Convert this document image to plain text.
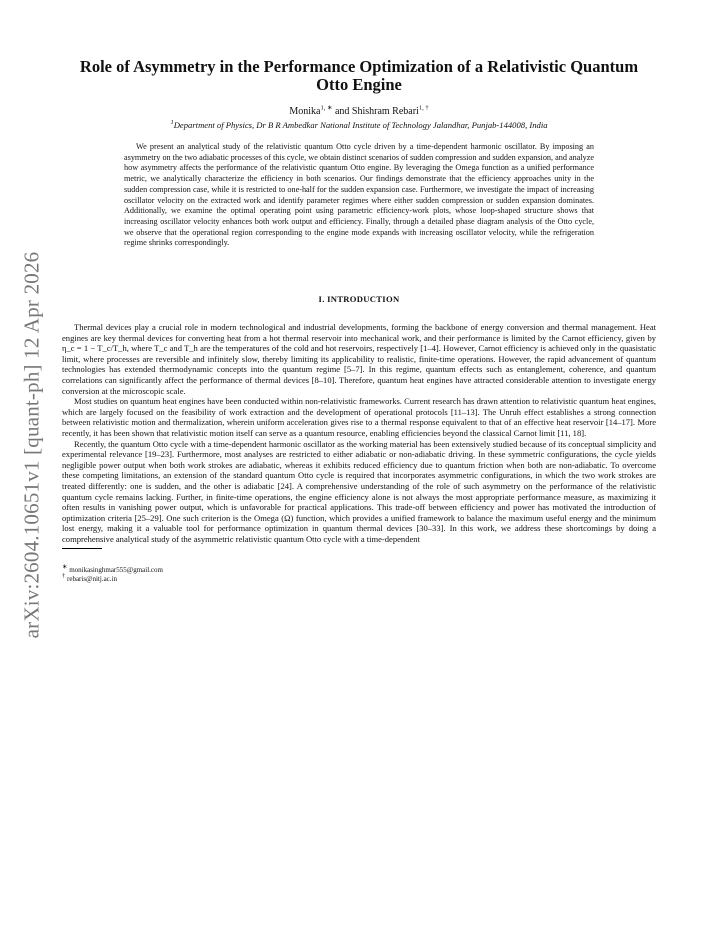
arXiv:2604.10651v1 [quant-ph] 12 Apr 2026
Role of Asymmetry in the Performance Optimization of a Relativistic Quantum Otto Engine
Monika$^{1, ∗}$ and Shishram Rebari$^{1, \dagger}$
$^1$Department of Physics, Dr B R Ambedkar National Institute of Technology Jalandhar, Punjab-144008, India

We present an analytical study of the relativistic quantum Otto cycle driven by a time-dependent harmonic oscillator. By imposing an asymmetry on the two adiabatic processes of this cycle, we obtain distinct scenarios of sudden compression and sudden expansion, and analyze how asymmetry affects the performance of the relativistic quantum Otto engine. By leveraging the Omega function as a unified performance metric, we analytically characterize the efficiency in both scenarios. Our findings demonstrate that the efficiency approaches unity in the sudden compression case, while it is restricted to one-half for the sudden expansion case. Furthermore, we investigate the impact of increasing oscillator velocity on the extracted work and identify parameter regimes where either sudden compression or sudden expansion dominates. Additionally, we examine the optimal operating point using parametric efficiency-work plots, whose loop-shaped structure shows that increasing oscillator velocity enhances both work output and efficiency. Finally, through a detailed phase diagram analysis of the Otto cycle, we observe that the operational region corresponding to the engine mode expands with increasing oscillator velocity, while the refrigeration regime shrinks correspondingly.

I. INTRODUCTION

Thermal devices play a crucial role in modern technological and industrial developments, forming the backbone of energy conversion and thermal management. Heat engines are key thermal devices for converting heat from a hot thermal reservoir into mechanical work, and their performance is limited by the Carnot efficiency, given by η_c = 1 − T_c/T_h, where T_c and T_h are the temperatures of the cold and hot reservoirs, respectively [1–4]. However, Carnot efficiency is achieved only in the quasistatic limit, where processes are reversible and infinitely slow, thereby limiting its applicability to realistic, finite-time operations. However, the rapid advancement of quantum technologies has extended thermodynamic concepts into the quantum regime [5–7]. In this regime, quantum effects such as entanglement, coherence, and quantum correlations can significantly affect the performance of thermal devices [8–10]. Therefore, quantum heat engines have attracted considerable attention to investigate energy conversion at the microscopic scale.

Most studies on quantum heat engines have been conducted within non-relativistic frameworks. Current research has drawn attention to relativistic quantum heat engines, which are largely focused on the feasibility of work extraction and the development of operational protocols [11–13]. The Unruh effect establishes a strong connection between relativistic motion and thermalization, wherein uniform acceleration gives rise to a thermal response equivalent to that of an effective heat reservoir [14–17]. More recently, it has been shown that relativistic motion itself can serve as a quantum resource, enabling efficiencies beyond the classical Carnot limit [11, 18].

Recently, the quantum Otto cycle with a time-dependent harmonic oscillator as the working material has been extensively studied because of its conceptual simplicity and experimental relevance [19–23]. Furthermore, most analyses are restricted to either adiabatic or non-adiabatic driving. In these symmetric configurations, the cycle yields negligible power output when both work strokes are adiabatic, whereas it exhibits reduced efficiency due to quantum friction when both are non-adiabatic. To overcome these competing limitations, an extension of the standard quantum Otto cycle is required that incorporates asymmetric configurations, in which the two work strokes are treated differently: one is sudden, and the other is adiabatic [24]. A comprehensive understanding of the role of such asymmetry on the performance of the relativistic quantum cycle remains lacking. Further, in finite-time operations, the engine efficiency alone is not always the most appropriate performance measure, as maximizing it often results in vanishing power output, which is unfavorable for practical applications. This trade-off between efficiency and power has motivated the introduction of optimization criteria [25–29]. One such criterion is the Omega (Ω) function, which provides a unified framework to balance the maximum useful energy and the minimum lost energy, making it a valuable tool for performance optimization in quantum thermal devices [30–33]. In this work, we address these shortcomings by doing a comprehensive analytical study of the asymmetric relativistic quantum Otto cycle with a time-dependent

∗ monikasinghmar555@gmail.com
† rebaris@nitj.ac.in
